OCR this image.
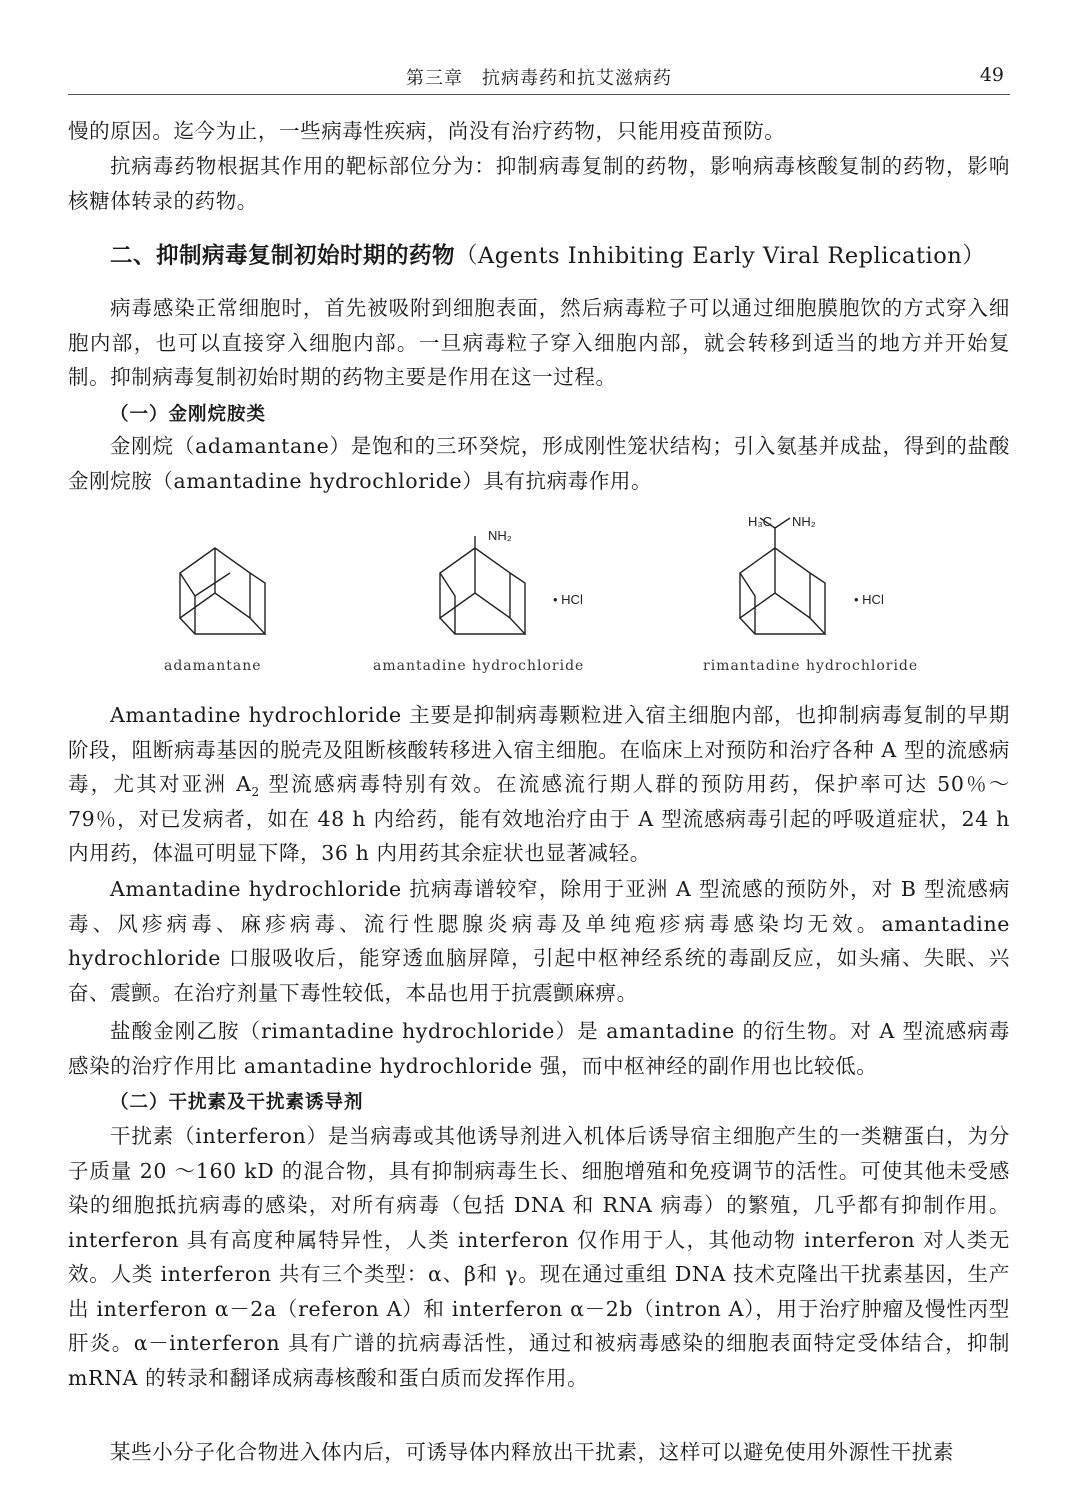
第三章　抗病毒药和抗艾滋病药	49
慢的原因。迄今为止，一些病毒性疾病，尚没有治疗药物，只能用疫苗预防。
抗病毒药物根据其作用的靶标部位分为：抑制病毒复制的药物，影响病毒核酸复制的药物，影响核糖体转录的药物。
二、抑制病毒复制初始时期的药物（Agents Inhibiting Early Viral Replication）
病毒感染正常细胞时，首先被吸附到细胞表面，然后病毒粒子可以通过细胞膜胞饮的方式穿入细胞内部，也可以直接穿入细胞内部。一旦病毒粒子穿入细胞内部，就会转移到适当的地方并开始复制。抑制病毒复制初始时期的药物主要是作用在这一过程。
（一）金刚烷胺类
金刚烷（adamantane）是饱和的三环癸烷，形成刚性笼状结构；引入氨基并成盐，得到的盐酸金刚烷胺（amantadine hydrochloride）具有抗病毒作用。
NH₂
• HCl
H₃C NH₂
• HCl
adamantane	amantadine hydrochloride	rimantadine hydrochloride
Amantadine hydrochloride 主要是抑制病毒颗粒进入宿主细胞内部，也抑制病毒复制的早期阶段，阻断病毒基因的脱壳及阻断核酸转移进入宿主细胞。在临床上对预防和治疗各种 A 型的流感病毒，尤其对亚洲 $A_2$ 型流感病毒特别有效。在流感流行期人群的预防用药，保护率可达 50％～79％，对已发病者，如在 48 h 内给药，能有效地治疗由于 A 型流感病毒引起的呼吸道症状，24 h 内用药，体温可明显下降，36 h 内用药其余症状也显著减轻。
Amantadine hydrochloride 抗病毒谱较窄，除用于亚洲 A 型流感的预防外，对 B 型流感病毒、风疹病毒、麻疹病毒、流行性腮腺炎病毒及单纯疱疹病毒感染均无效。amantadine hydrochloride 口服吸收后，能穿透血脑屏障，引起中枢神经系统的毒副反应，如头痛、失眠、兴奋、震颤。在治疗剂量下毒性较低，本品也用于抗震颤麻痹。
盐酸金刚乙胺（rimantadine hydrochloride）是 amantadine 的衍生物。对 A 型流感病毒感染的治疗作用比 amantadine hydrochloride 强，而中枢神经的副作用也比较低。
（二）干扰素及干扰素诱导剂
干扰素（interferon）是当病毒或其他诱导剂进入机体后诱导宿主细胞产生的一类糖蛋白，为分子质量 20 ～160 kD 的混合物，具有抑制病毒生长、细胞增殖和免疫调节的活性。可使其他未受感染的细胞抵抗病毒的感染，对所有病毒（包括 DNA 和 RNA 病毒）的繁殖，几乎都有抑制作用。interferon 具有高度种属特异性，人类 interferon 仅作用于人，其他动物 interferon 对人类无效。人类 interferon 共有三个类型：α、β和 γ。现在通过重组 DNA 技术克隆出干扰素基因，生产出 interferon α－2a（referon A）和 interferon α－2b（intron A），用于治疗肿瘤及慢性丙型肝炎。α－interferon 具有广谱的抗病毒活性，通过和被病毒感染的细胞表面特定受体结合，抑制 mRNA 的转录和翻译成病毒核酸和蛋白质而发挥作用。
某些小分子化合物进入体内后，可诱导体内释放出干扰素，这样可以避免使用外源性干扰素
